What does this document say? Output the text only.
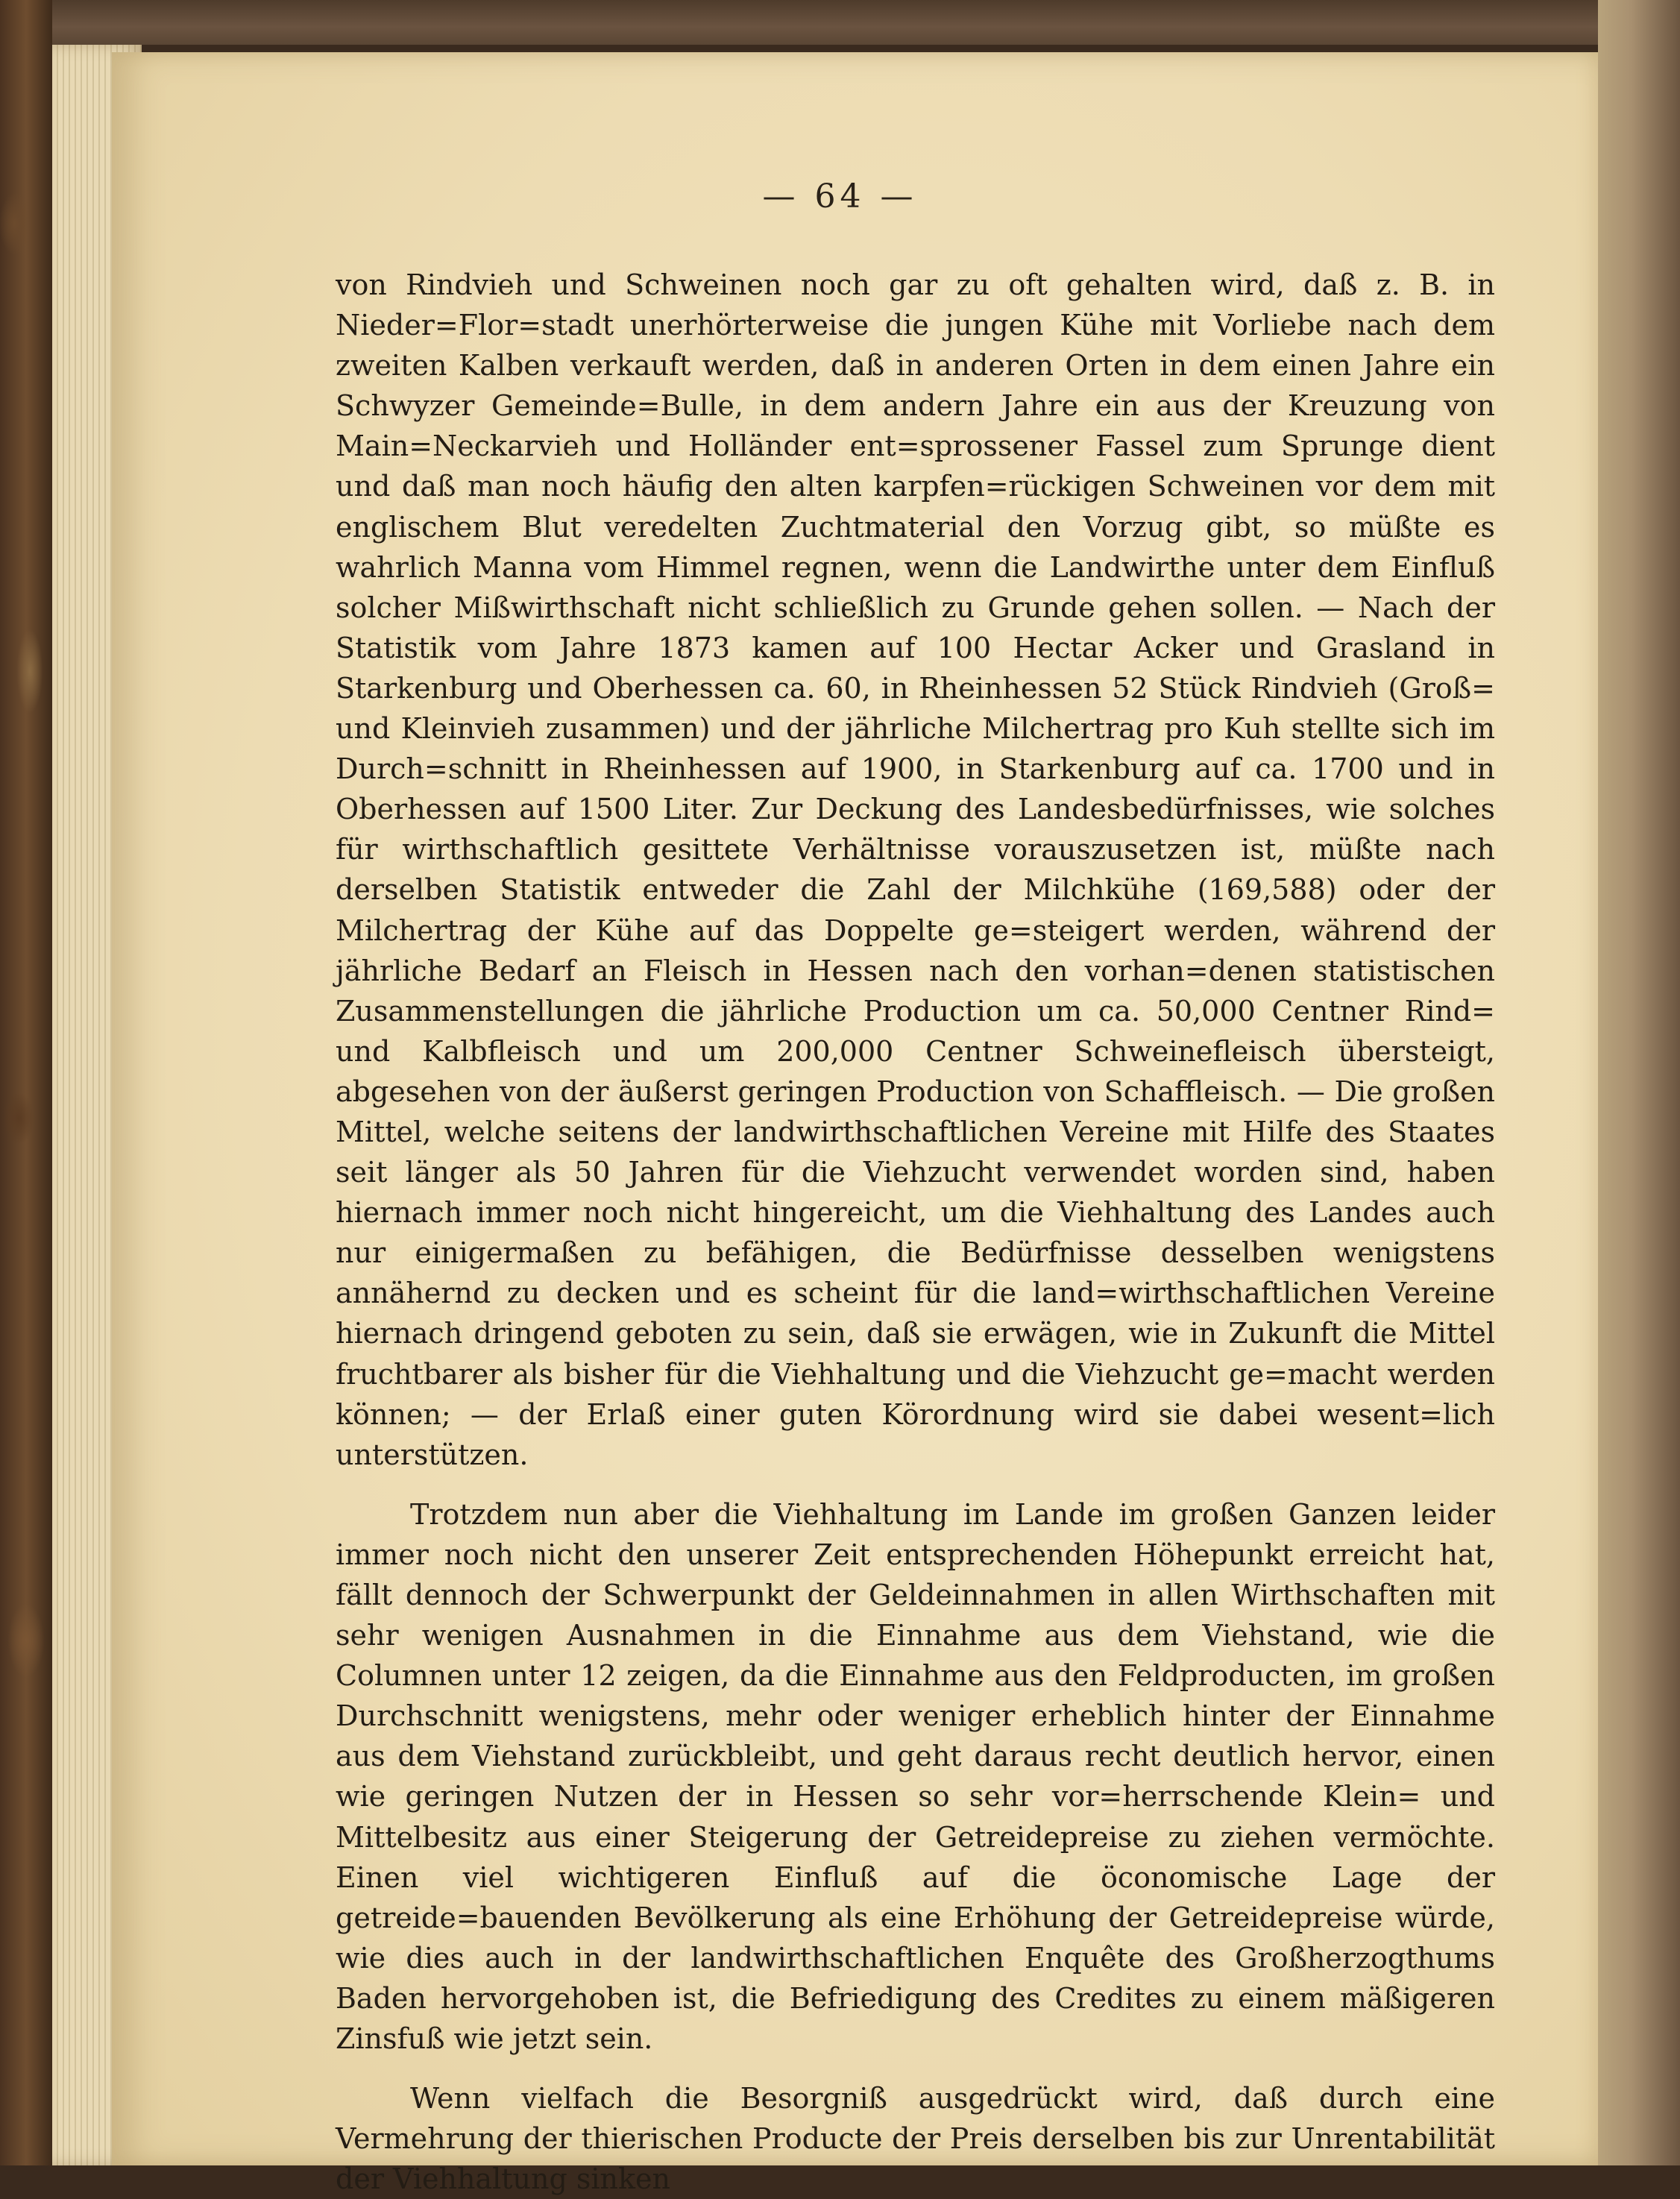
— 64 —

von Rindvieh und Schweinen noch gar zu oft gehalten wird, daß z. B. in Nieder=Flor=stadt unerhörterweise die jungen Kühe mit Vorliebe nach dem zweiten Kalben verkauft werden, daß in anderen Orten in dem einen Jahre ein Schwyzer Gemeinde=Bulle, in dem andern Jahre ein aus der Kreuzung von Main=Neckarvieh und Holländer ent=sprossener Fassel zum Sprunge dient und daß man noch häufig den alten karpfen=rückigen Schweinen vor dem mit englischem Blut veredelten Zuchtmaterial den Vorzug gibt, so müßte es wahrlich Manna vom Himmel regnen, wenn die Landwirthe unter dem Einfluß solcher Mißwirthschaft nicht schließlich zu Grunde gehen sollen. — Nach der Statistik vom Jahre 1873 kamen auf 100 Hectar Acker und Grasland in Starkenburg und Oberhessen ca. 60, in Rheinhessen 52 Stück Rindvieh (Groß= und Kleinvieh zusammen) und der jährliche Milchertrag pro Kuh stellte sich im Durch=schnitt in Rheinhessen auf 1900, in Starkenburg auf ca. 1700 und in Oberhessen auf 1500 Liter. Zur Deckung des Landesbedürfnisses, wie solches für wirthschaftlich gesittete Verhältnisse vorauszusetzen ist, müßte nach derselben Statistik entweder die Zahl der Milchkühe (169,588) oder der Milchertrag der Kühe auf das Doppelte ge=steigert werden, während der jährliche Bedarf an Fleisch in Hessen nach den vorhan=denen statistischen Zusammenstellungen die jährliche Production um ca. 50,000 Centner Rind= und Kalbfleisch und um 200,000 Centner Schweinefleisch übersteigt, abgesehen von der äußerst geringen Production von Schaffleisch. — Die großen Mittel, welche seitens der landwirthschaftlichen Vereine mit Hilfe des Staates seit länger als 50 Jahren für die Viehzucht verwendet worden sind, haben hiernach immer noch nicht hingereicht, um die Viehhaltung des Landes auch nur einigermaßen zu befähigen, die Bedürfnisse desselben wenigstens annähernd zu decken und es scheint für die land=wirthschaftlichen Vereine hiernach dringend geboten zu sein, daß sie erwägen, wie in Zukunft die Mittel fruchtbarer als bisher für die Viehhaltung und die Viehzucht ge=macht werden können; — der Erlaß einer guten Körordnung wird sie dabei wesent=lich unterstützen.

Trotzdem nun aber die Viehhaltung im Lande im großen Ganzen leider immer noch nicht den unserer Zeit entsprechenden Höhepunkt erreicht hat, fällt dennoch der Schwerpunkt der Geldeinnahmen in allen Wirthschaften mit sehr wenigen Ausnahmen in die Einnahme aus dem Viehstand, wie die Columnen unter 12 zeigen, da die Einnahme aus den Feldproducten, im großen Durchschnitt wenigstens, mehr oder weniger erheblich hinter der Einnahme aus dem Viehstand zurückbleibt, und geht daraus recht deutlich hervor, einen wie geringen Nutzen der in Hessen so sehr vor=herrschende Klein= und Mittelbesitz aus einer Steigerung der Getreidepreise zu ziehen vermöchte. Einen viel wichtigeren Einfluß auf die öconomische Lage der getreide=bauenden Bevölkerung als eine Erhöhung der Getreidepreise würde, wie dies auch in der landwirthschaftlichen Enquête des Großherzogthums Baden hervorgehoben ist, die Befriedigung des Credites zu einem mäßigeren Zinsfuß wie jetzt sein.

Wenn vielfach die Besorgniß ausgedrückt wird, daß durch eine Vermehrung der thierischen Producte der Preis derselben bis zur Unrentabilität der Viehhaltung sinken
